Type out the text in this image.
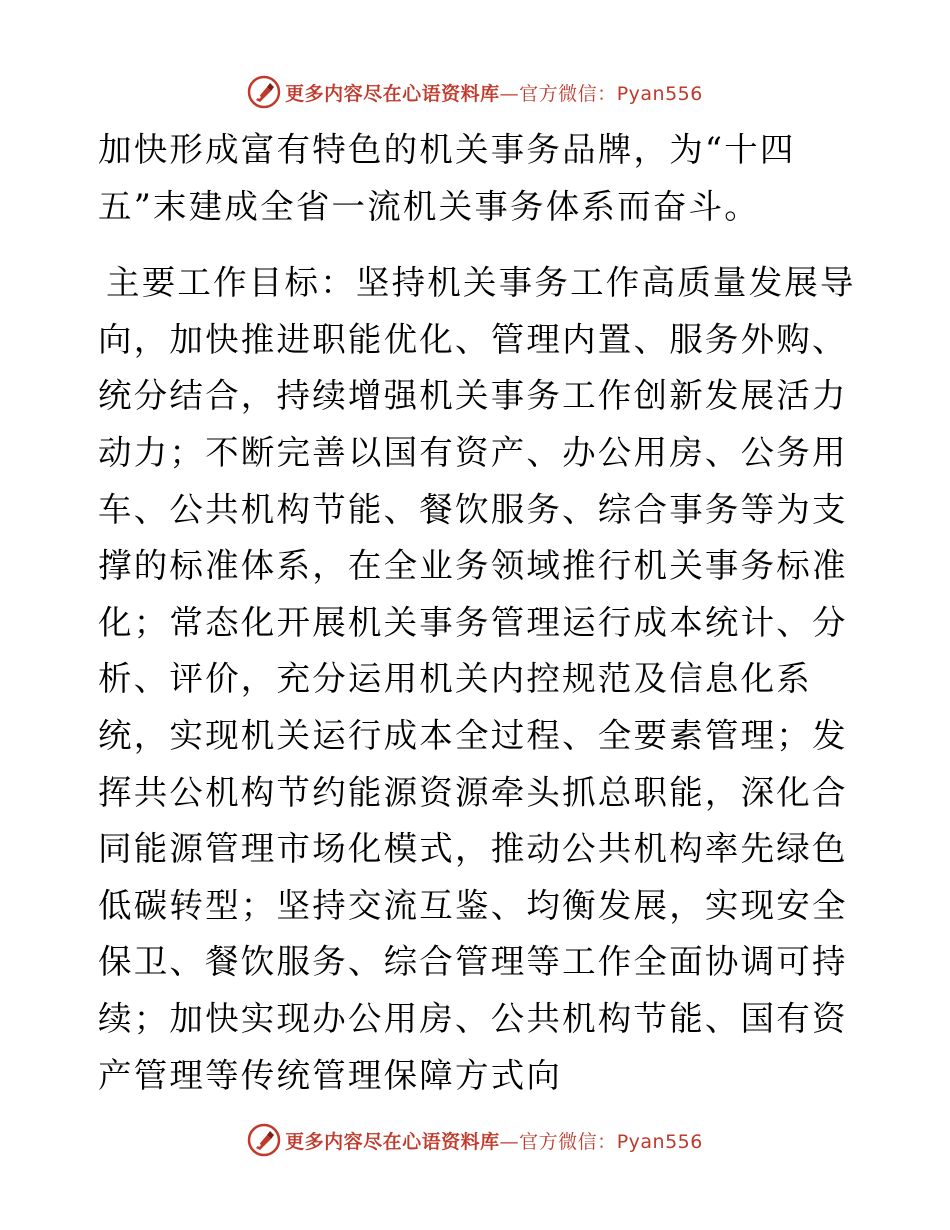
更多内容尽在心语资料库—官方微信：Pyan556

加快形成富有特色的机关事务品牌，为“十四五”末建成全省一流机关事务体系而奋斗。

主要工作目标：坚持机关事务工作高质量发展导向，加快推进职能优化、管理内置、服务外购、统分结合，持续增强机关事务工作创新发展活力动力；不断完善以国有资产、办公用房、公务用车、公共机构节能、餐饮服务、综合事务等为支撑的标准体系，在全业务领域推行机关事务标准化；常态化开展机关事务管理运行成本统计、分析、评价，充分运用机关内控规范及信息化系统，实现机关运行成本全过程、全要素管理；发挥共公机构节约能源资源牵头抓总职能，深化合同能源管理市场化模式，推动公共机构率先绿色低碳转型；坚持交流互鉴、均衡发展，实现安全保卫、餐饮服务、综合管理等工作全面协调可持续；加快实现办公用房、公共机构节能、国有资产管理等传统管理保障方式向

更多内容尽在心语资料库—官方微信：Pyan556
